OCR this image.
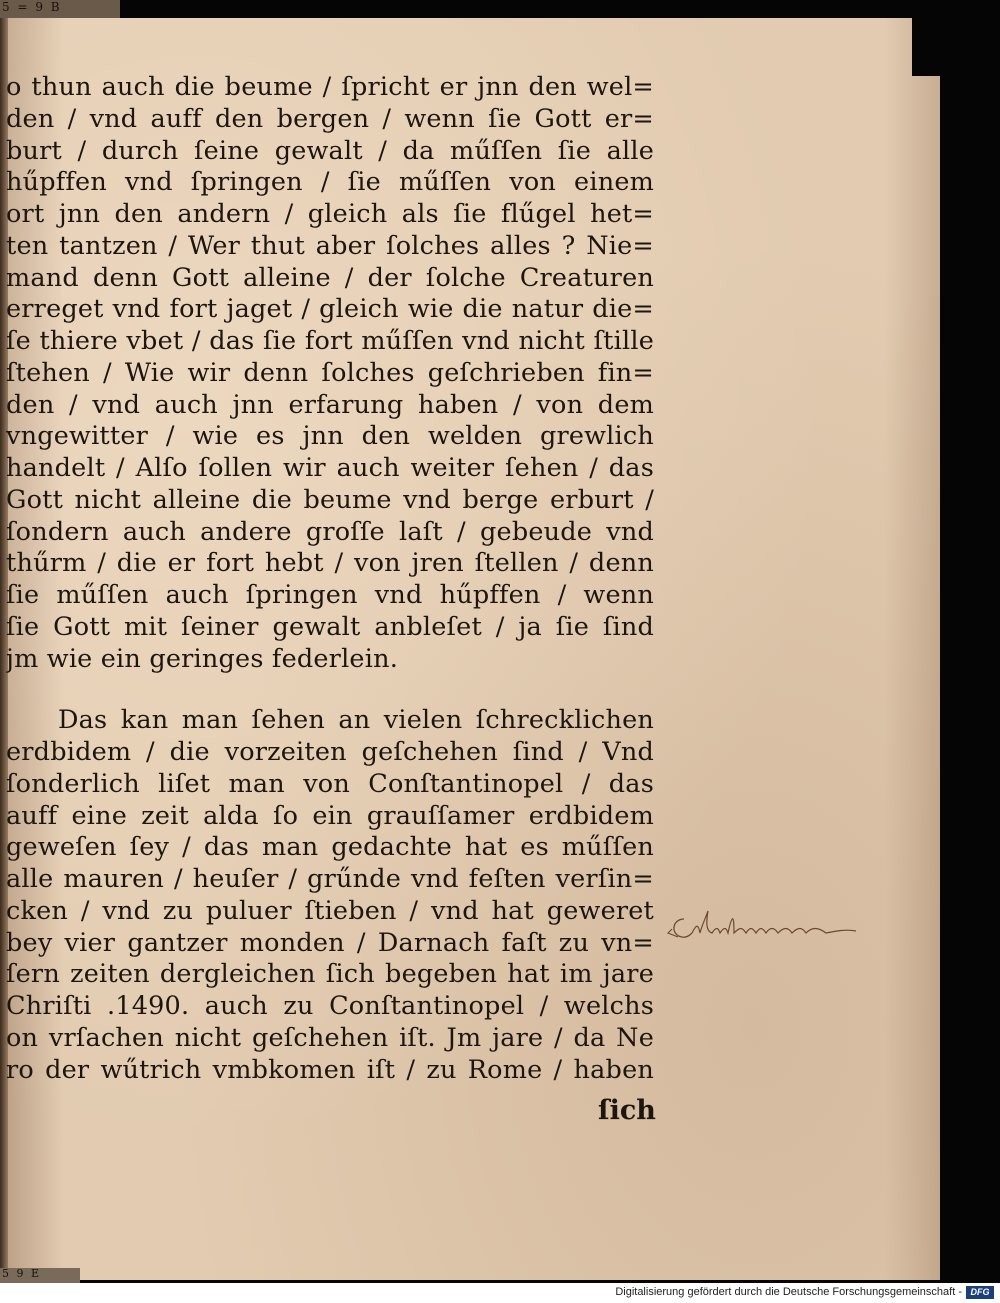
5 = 9 B
5 9 E
o thun auch die beume / ſpricht er jnn den wel=
den / vnd auff den bergen / wenn ſie Gott er=
burt / durch ſeine gewalt / da műſſen ſie alle
hűpffen vnd ſpringen / ſie műſſen von einem
ort jnn den andern / gleich als ſie flűgel het=
ten tantzen / Wer thut aber ſolches alles ? Nie=
mand denn Gott alleine / der ſolche Creaturen
erreget vnd fort jaget / gleich wie die natur die=
ſe thiere vbet / das ſie fort műſſen vnd nicht ſtille
ſtehen / Wie wir denn ſolches geſchrieben fin=
den / vnd auch jnn erfarung haben / von dem
vngewitter / wie es jnn den welden grewlich
handelt / Alſo ſollen wir auch weiter ſehen / das
Gott nicht alleine die beume vnd berge erburt /
ſondern auch andere groſſe laſt / gebeude vnd
thűrm / die er fort hebt / von jren ſtellen / denn
ſie műſſen auch ſpringen vnd hűpffen / wenn
ſie Gott mit ſeiner gewalt anbleſet / ja ſie ſind
jm wie ein geringes federlein.
Das kan man ſehen an vielen ſchrecklichen
erdbidem / die vorzeiten geſchehen ſind / Vnd
ſonderlich liſet man von Conſtantinopel / das
auff eine zeit alda ſo ein grauſſamer erdbidem
geweſen ſey / das man gedachte hat es műſſen
alle mauren / heuſer / grűnde vnd feſten verſin=
cken / vnd zu puluer ſtieben / vnd hat geweret
bey vier gantzer monden / Darnach faſt zu vn=
ſern zeiten dergleichen ſich begeben hat im jare
Chriſti .1490. auch zu Conſtantinopel / welchs
on vrſachen nicht geſchehen iſt. Jm jare / da Ne
ro der wűtrich vmbkomen iſt / zu Rome / haben
ſich
Digitalisierung gefördert durch die Deutsche Forschungsgemeinschaft - DFG
